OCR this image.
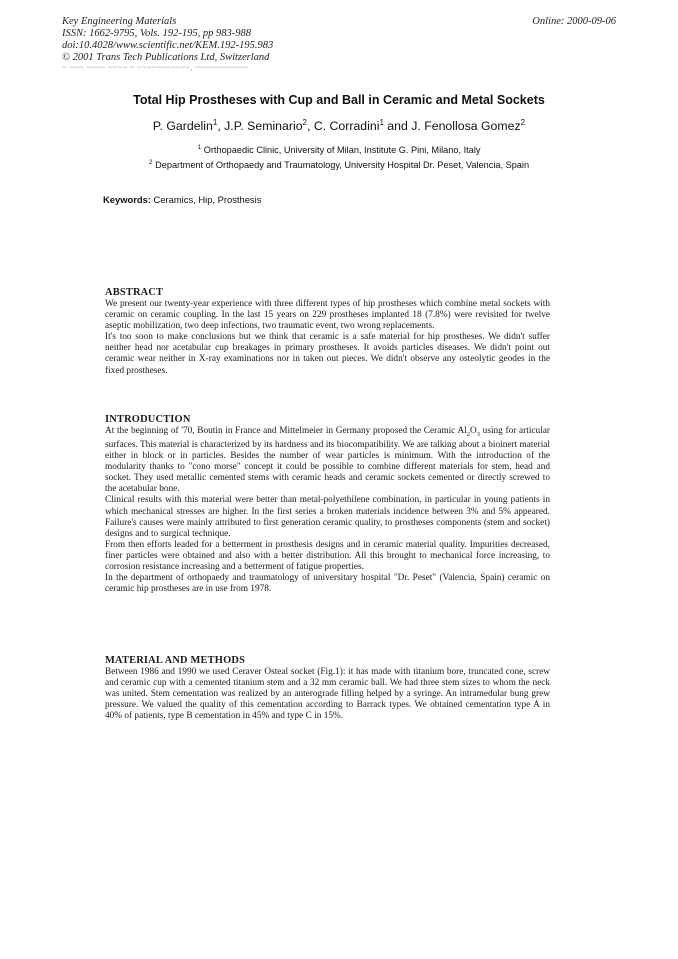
Key Engineering Materials
ISSN: 1662-9795, Vols. 192-195, pp 983-988
doi:10.4028/www.scientific.net/KEM.192-195.983
© 2001 Trans Tech Publications Ltd, Switzerland
Online: 2000-09-06
~ ~~~ ~~~~ ~~~~ ~ ~~~~~~~~~~~, ~~~~~~~~~~~
Total Hip Prostheses with Cup and Ball in Ceramic and Metal Sockets
P. Gardelin$^1$, J.P. Seminario$^2$, C. Corradini$^1$ and J. Fenollosa Gomez$^2$
$^1$ Orthopaedic Clinic, University of Milan, Institute G. Pini, Milano, Italy
$^2$ Department of Orthopaedy and Traumatology, University Hospital Dr. Peset, Valencia, Spain
Keywords: Ceramics, Hip, Prosthesis
ABSTRACT

We present our twenty-year experience with three different types of hip prostheses which combine metal sockets with ceramic on ceramic coupling. In the last 15 years on 229 prostheses implanted 18 (7.8%) were revisited for twelve aseptic mobilization, two deep infections, two traumatic event, two wrong replacements.

It's too soon to make conclusions but we think that ceramic is a safe material for hip prostheses. We didn't suffer neither head nor acetabular cup breakages in primary prostheses. It avoids particles diseases. We didn't point out ceramic wear neither in X-ray examinations nor in taken out pieces. We didn't observe any osteolytic geodes in the fixed prostheses.

INTRODUCTION

At the beginning of '70, Boutin in France and Mittelmeier in Germany proposed the Ceramic $Al_2O_3$ using for articular surfaces. This material is characterized by its hardness and its biocompatibility. We are talking about a bioinert material either in block or in particles. Besides the number of wear particles is minimum. With the introduction of the modularity thanks to "cono morse" concept it could be possible to combine different materials for stem, head and socket. They used metallic cemented stems with ceramic heads and ceramic sockets cemented or directly screwed to the acetabular bone.

Clinical results with this material were better than metal-polyethilene combination, in particular in young patients in which mechanical stresses are higher. In the first series a broken materials incidence between 3% and 5% appeared. Failure's causes were mainly attributed to first generation ceramic quality, to prostheses components (stem and socket) designs and to surgical technique.

From then efforts leaded for a betterment in prosthesis designs and in ceramic material quality. Impurities decreased, finer particles were obtained and also with a better distribution. All this brought to mechanical force increasing, to corrosion resistance increasing and a betterment of fatigue properties.

In the department of orthopaedy and traumatology of universitary hospital "Dr. Peset" (Valencia, Spain) ceramic on ceramic hip prostheses are in use from 1978.

MATERIAL AND METHODS

Between 1986 and 1990 we used Ceraver Osteal socket (Fig.1): it has made with titanium bore, truncated cone, screw and ceramic cup with a cemented titanium stem and a 32 mm ceramic ball. We had three stem sizes to whom the neck was united. Stem cementation was realized by an anterograde filling helped by a syringe. An intramedular bung grew pressure. We valued the quality of this cementation according to Barrack types. We obtained cementation type A in 40% of patients, type B cementation in 45% and type C in 15%.
